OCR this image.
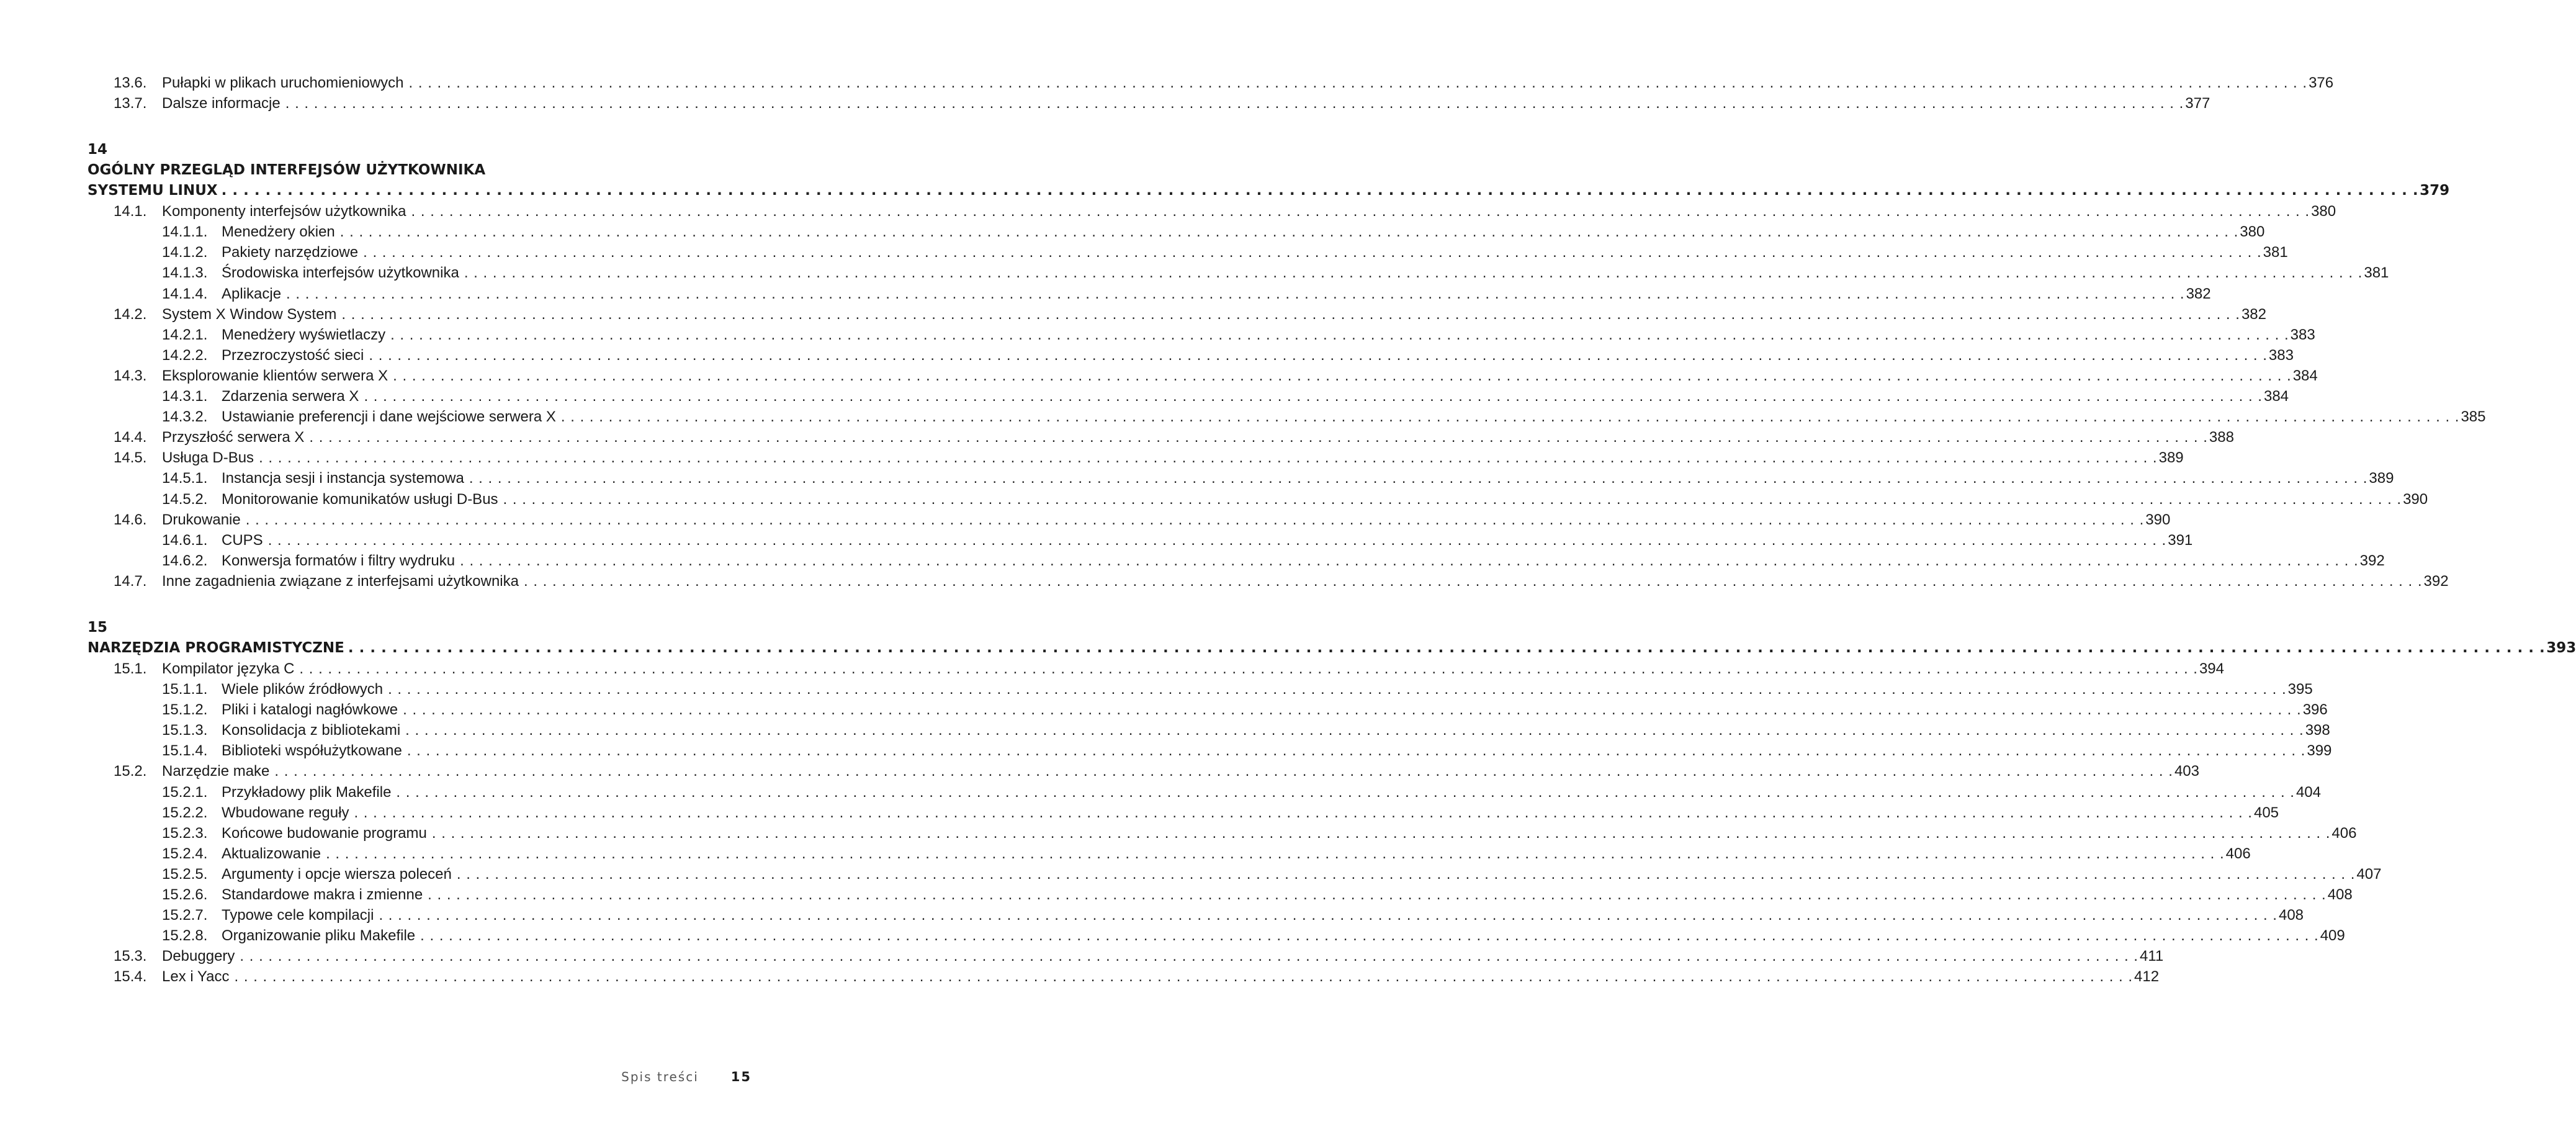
13.6.	Pułapki w plikach uruchomieniowych . . . . . . . . . . . . . . . . . . . . . . . . . . . . . . . . . . . . . . . . . . . . . . . . . . . . . . . . . . . . . . . . . . . . . . . . . . . . . . . . . . . . . . . . . . . . . . . . . . . . . . . . . . . . . . . . . . . . . . . . . . . . . . . . . . . . . . . . . . . . . . . . . . . . . . . . . . . . . . . . . . . . . . . . . . . . . . . . . . . . . . . . . . . . . . . . . . . . . . . . 376
13.7.	Dalsze informacje . . . . . . . . . . . . . . . . . . . . . . . . . . . . . . . . . . . . . . . . . . . . . . . . . . . . . . . . . . . . . . . . . . . . . . . . . . . . . . . . . . . . . . . . . . . . . . . . . . . . . . . . . . . . . . . . . . . . . . . . . . . . . . . . . . . . . . . . . . . . . . . . . . . . . . . . . . . . . . . . . . . . . . . . . . . . . . . . . . . . . . . . . . . . . . . . . . . . . . . . 377
14
OGÓLNY PRZEGLĄD INTERFEJSÓW UŻYTKOWNIKA
SYSTEMU LINUX . . . . . . . . . . . . . . . . . . . . . . . . . . . . . . . . . . . . . . . . . . . . . . . . . . . . . . . . . . . . . . . . . . . . . . . . . . . . . . . . . . . . . . . . . . . . . . . . . . . . . . . . . . . . . . . . . . . . . . . . . . . . . . . . . . . . . . . . . . . . . . . . . . . . . . . . . . . . . . . . . . . . . . . . . . . . . . . . . . . . . . . . . . . . . . . . . . . . . . . . 379
14.1.	Komponenty interfejsów użytkownika . . . . . . . . . . . . . . . . . . . . . . . . . . . . . . . . . . . . . . . . . . . . . . . . . . . . . . . . . . . . . . . . . . . . . . . . . . . . . . . . . . . . . . . . . . . . . . . . . . . . . . . . . . . . . . . . . . . . . . . . . . . . . . . . . . . . . . . . . . . . . . . . . . . . . . . . . . . . . . . . . . . . . . . . . . . . . . . . . . . . . . . . . . . . . . . . . . . . . . . . 380
14.1.1. Menedżery okien . . . . . . . . . . . . . . . . . . . . . . . . . . . . . . . . . . . . . . . . . . . . . . . . . . . . . . . . . . . . . . . . . . . . . . . . . . . . . . . . . . . . . . . . . . . . . . . . . . . . . . . . . . . . . . . . . . . . . . . . . . . . . . . . . . . . . . . . . . . . . . . . . . . . . . . . . . . . . . . . . . . . . . . . . . . . . . . . . . . . . . . . . . . . . . . . . . . . . . . . 380
14.1.2. Pakiety narzędziowe . . . . . . . . . . . . . . . . . . . . . . . . . . . . . . . . . . . . . . . . . . . . . . . . . . . . . . . . . . . . . . . . . . . . . . . . . . . . . . . . . . . . . . . . . . . . . . . . . . . . . . . . . . . . . . . . . . . . . . . . . . . . . . . . . . . . . . . . . . . . . . . . . . . . . . . . . . . . . . . . . . . . . . . . . . . . . . . . . . . . . . . . . . . . . . . . . . . . . . . . 381
14.1.3. Środowiska interfejsów użytkownika . . . . . . . . . . . . . . . . . . . . . . . . . . . . . . . . . . . . . . . . . . . . . . . . . . . . . . . . . . . . . . . . . . . . . . . . . . . . . . . . . . . . . . . . . . . . . . . . . . . . . . . . . . . . . . . . . . . . . . . . . . . . . . . . . . . . . . . . . . . . . . . . . . . . . . . . . . . . . . . . . . . . . . . . . . . . . . . . . . . . . . . . . . . . . . . . . . . . . . . . 381
14.1.4. Aplikacje . . . . . . . . . . . . . . . . . . . . . . . . . . . . . . . . . . . . . . . . . . . . . . . . . . . . . . . . . . . . . . . . . . . . . . . . . . . . . . . . . . . . . . . . . . . . . . . . . . . . . . . . . . . . . . . . . . . . . . . . . . . . . . . . . . . . . . . . . . . . . . . . . . . . . . . . . . . . . . . . . . . . . . . . . . . . . . . . . . . . . . . . . . . . . . . . . . . . . . . . 382
14.2.	System X Window System . . . . . . . . . . . . . . . . . . . . . . . . . . . . . . . . . . . . . . . . . . . . . . . . . . . . . . . . . . . . . . . . . . . . . . . . . . . . . . . . . . . . . . . . . . . . . . . . . . . . . . . . . . . . . . . . . . . . . . . . . . . . . . . . . . . . . . . . . . . . . . . . . . . . . . . . . . . . . . . . . . . . . . . . . . . . . . . . . . . . . . . . . . . . . . . . . . . . . . . . 382
14.2.1. Menedżery wyświetlaczy . . . . . . . . . . . . . . . . . . . . . . . . . . . . . . . . . . . . . . . . . . . . . . . . . . . . . . . . . . . . . . . . . . . . . . . . . . . . . . . . . . . . . . . . . . . . . . . . . . . . . . . . . . . . . . . . . . . . . . . . . . . . . . . . . . . . . . . . . . . . . . . . . . . . . . . . . . . . . . . . . . . . . . . . . . . . . . . . . . . . . . . . . . . . . . . . . . . . . . . . 383
14.2.2. Przezroczystość sieci . . . . . . . . . . . . . . . . . . . . . . . . . . . . . . . . . . . . . . . . . . . . . . . . . . . . . . . . . . . . . . . . . . . . . . . . . . . . . . . . . . . . . . . . . . . . . . . . . . . . . . . . . . . . . . . . . . . . . . . . . . . . . . . . . . . . . . . . . . . . . . . . . . . . . . . . . . . . . . . . . . . . . . . . . . . . . . . . . . . . . . . . . . . . . . . . . . . . . . . . 383
14.3.	Eksplorowanie klientów serwera X . . . . . . . . . . . . . . . . . . . . . . . . . . . . . . . . . . . . . . . . . . . . . . . . . . . . . . . . . . . . . . . . . . . . . . . . . . . . . . . . . . . . . . . . . . . . . . . . . . . . . . . . . . . . . . . . . . . . . . . . . . . . . . . . . . . . . . . . . . . . . . . . . . . . . . . . . . . . . . . . . . . . . . . . . . . . . . . . . . . . . . . . . . . . . . . . . . . . . . . . 384
14.3.1. Zdarzenia serwera X . . . . . . . . . . . . . . . . . . . . . . . . . . . . . . . . . . . . . . . . . . . . . . . . . . . . . . . . . . . . . . . . . . . . . . . . . . . . . . . . . . . . . . . . . . . . . . . . . . . . . . . . . . . . . . . . . . . . . . . . . . . . . . . . . . . . . . . . . . . . . . . . . . . . . . . . . . . . . . . . . . . . . . . . . . . . . . . . . . . . . . . . . . . . . . . . . . . . . . . . 384
14.3.2. Ustawianie preferencji i dane wejściowe serwera X . . . . . . . . . . . . . . . . . . . . . . . . . . . . . . . . . . . . . . . . . . . . . . . . . . . . . . . . . . . . . . . . . . . . . . . . . . . . . . . . . . . . . . . . . . . . . . . . . . . . . . . . . . . . . . . . . . . . . . . . . . . . . . . . . . . . . . . . . . . . . . . . . . . . . . . . . . . . . . . . . . . . . . . . . . . . . . . . . . . . . . . . . . . . . . . . . . . . . . . . 385
14.4.	Przyszłość serwera X . . . . . . . . . . . . . . . . . . . . . . . . . . . . . . . . . . . . . . . . . . . . . . . . . . . . . . . . . . . . . . . . . . . . . . . . . . . . . . . . . . . . . . . . . . . . . . . . . . . . . . . . . . . . . . . . . . . . . . . . . . . . . . . . . . . . . . . . . . . . . . . . . . . . . . . . . . . . . . . . . . . . . . . . . . . . . . . . . . . . . . . . . . . . . . . . . . . . . . . . 388
14.5.	Usługa D-Bus . . . . . . . . . . . . . . . . . . . . . . . . . . . . . . . . . . . . . . . . . . . . . . . . . . . . . . . . . . . . . . . . . . . . . . . . . . . . . . . . . . . . . . . . . . . . . . . . . . . . . . . . . . . . . . . . . . . . . . . . . . . . . . . . . . . . . . . . . . . . . . . . . . . . . . . . . . . . . . . . . . . . . . . . . . . . . . . . . . . . . . . . . . . . . . . . . . . . . . . . 389
14.5.1. Instancja sesji i instancja systemowa . . . . . . . . . . . . . . . . . . . . . . . . . . . . . . . . . . . . . . . . . . . . . . . . . . . . . . . . . . . . . . . . . . . . . . . . . . . . . . . . . . . . . . . . . . . . . . . . . . . . . . . . . . . . . . . . . . . . . . . . . . . . . . . . . . . . . . . . . . . . . . . . . . . . . . . . . . . . . . . . . . . . . . . . . . . . . . . . . . . . . . . . . . . . . . . . . . . . . . . . 389
14.5.2. Monitorowanie komunikatów usługi D-Bus . . . . . . . . . . . . . . . . . . . . . . . . . . . . . . . . . . . . . . . . . . . . . . . . . . . . . . . . . . . . . . . . . . . . . . . . . . . . . . . . . . . . . . . . . . . . . . . . . . . . . . . . . . . . . . . . . . . . . . . . . . . . . . . . . . . . . . . . . . . . . . . . . . . . . . . . . . . . . . . . . . . . . . . . . . . . . . . . . . . . . . . . . . . . . . . . . . . . . . . . 390
14.6.	Drukowanie . . . . . . . . . . . . . . . . . . . . . . . . . . . . . . . . . . . . . . . . . . . . . . . . . . . . . . . . . . . . . . . . . . . . . . . . . . . . . . . . . . . . . . . . . . . . . . . . . . . . . . . . . . . . . . . . . . . . . . . . . . . . . . . . . . . . . . . . . . . . . . . . . . . . . . . . . . . . . . . . . . . . . . . . . . . . . . . . . . . . . . . . . . . . . . . . . . . . . . . . 390
14.6.1. CUPS . . . . . . . . . . . . . . . . . . . . . . . . . . . . . . . . . . . . . . . . . . . . . . . . . . . . . . . . . . . . . . . . . . . . . . . . . . . . . . . . . . . . . . . . . . . . . . . . . . . . . . . . . . . . . . . . . . . . . . . . . . . . . . . . . . . . . . . . . . . . . . . . . . . . . . . . . . . . . . . . . . . . . . . . . . . . . . . . . . . . . . . . . . . . . . . . . . . . . . . . 391
14.6.2. Konwersja formatów i filtry wydruku . . . . . . . . . . . . . . . . . . . . . . . . . . . . . . . . . . . . . . . . . . . . . . . . . . . . . . . . . . . . . . . . . . . . . . . . . . . . . . . . . . . . . . . . . . . . . . . . . . . . . . . . . . . . . . . . . . . . . . . . . . . . . . . . . . . . . . . . . . . . . . . . . . . . . . . . . . . . . . . . . . . . . . . . . . . . . . . . . . . . . . . . . . . . . . . . . . . . . . . . 392
14.7.	Inne zagadnienia związane z interfejsami użytkownika . . . . . . . . . . . . . . . . . . . . . . . . . . . . . . . . . . . . . . . . . . . . . . . . . . . . . . . . . . . . . . . . . . . . . . . . . . . . . . . . . . . . . . . . . . . . . . . . . . . . . . . . . . . . . . . . . . . . . . . . . . . . . . . . . . . . . . . . . . . . . . . . . . . . . . . . . . . . . . . . . . . . . . . . . . . . . . . . . . . . . . . . . . . . . . . . . . . . . . . . 392
15
NARZĘDZIA PROGRAMISTYCZNE . . . . . . . . . . . . . . . . . . . . . . . . . . . . . . . . . . . . . . . . . . . . . . . . . . . . . . . . . . . . . . . . . . . . . . . . . . . . . . . . . . . . . . . . . . . . . . . . . . . . . . . . . . . . . . . . . . . . . . . . . . . . . . . . . . . . . . . . . . . . . . . . . . . . . . . . . . . . . . . . . . . . . . . . . . . . . . . . . . . . . . . . . . . . . . . . . . . . . . . . 393
15.1.	Kompilator języka C . . . . . . . . . . . . . . . . . . . . . . . . . . . . . . . . . . . . . . . . . . . . . . . . . . . . . . . . . . . . . . . . . . . . . . . . . . . . . . . . . . . . . . . . . . . . . . . . . . . . . . . . . . . . . . . . . . . . . . . . . . . . . . . . . . . . . . . . . . . . . . . . . . . . . . . . . . . . . . . . . . . . . . . . . . . . . . . . . . . . . . . . . . . . . . . . . . . . . . . . 394
15.1.1. Wiele plików źródłowych . . . . . . . . . . . . . . . . . . . . . . . . . . . . . . . . . . . . . . . . . . . . . . . . . . . . . . . . . . . . . . . . . . . . . . . . . . . . . . . . . . . . . . . . . . . . . . . . . . . . . . . . . . . . . . . . . . . . . . . . . . . . . . . . . . . . . . . . . . . . . . . . . . . . . . . . . . . . . . . . . . . . . . . . . . . . . . . . . . . . . . . . . . . . . . . . . . . . . . . . 395
15.1.2. Pliki i katalogi nagłówkowe . . . . . . . . . . . . . . . . . . . . . . . . . . . . . . . . . . . . . . . . . . . . . . . . . . . . . . . . . . . . . . . . . . . . . . . . . . . . . . . . . . . . . . . . . . . . . . . . . . . . . . . . . . . . . . . . . . . . . . . . . . . . . . . . . . . . . . . . . . . . . . . . . . . . . . . . . . . . . . . . . . . . . . . . . . . . . . . . . . . . . . . . . . . . . . . . . . . . . . . . 396
15.1.3. Konsolidacja z bibliotekami . . . . . . . . . . . . . . . . . . . . . . . . . . . . . . . . . . . . . . . . . . . . . . . . . . . . . . . . . . . . . . . . . . . . . . . . . . . . . . . . . . . . . . . . . . . . . . . . . . . . . . . . . . . . . . . . . . . . . . . . . . . . . . . . . . . . . . . . . . . . . . . . . . . . . . . . . . . . . . . . . . . . . . . . . . . . . . . . . . . . . . . . . . . . . . . . . . . . . . . . 398
15.1.4. Biblioteki współużytkowane . . . . . . . . . . . . . . . . . . . . . . . . . . . . . . . . . . . . . . . . . . . . . . . . . . . . . . . . . . . . . . . . . . . . . . . . . . . . . . . . . . . . . . . . . . . . . . . . . . . . . . . . . . . . . . . . . . . . . . . . . . . . . . . . . . . . . . . . . . . . . . . . . . . . . . . . . . . . . . . . . . . . . . . . . . . . . . . . . . . . . . . . . . . . . . . . . . . . . . . . 399
15.2.	Narzędzie make . . . . . . . . . . . . . . . . . . . . . . . . . . . . . . . . . . . . . . . . . . . . . . . . . . . . . . . . . . . . . . . . . . . . . . . . . . . . . . . . . . . . . . . . . . . . . . . . . . . . . . . . . . . . . . . . . . . . . . . . . . . . . . . . . . . . . . . . . . . . . . . . . . . . . . . . . . . . . . . . . . . . . . . . . . . . . . . . . . . . . . . . . . . . . . . . . . . . . . . . 403
15.2.1. Przykładowy plik Makefile . . . . . . . . . . . . . . . . . . . . . . . . . . . . . . . . . . . . . . . . . . . . . . . . . . . . . . . . . . . . . . . . . . . . . . . . . . . . . . . . . . . . . . . . . . . . . . . . . . . . . . . . . . . . . . . . . . . . . . . . . . . . . . . . . . . . . . . . . . . . . . . . . . . . . . . . . . . . . . . . . . . . . . . . . . . . . . . . . . . . . . . . . . . . . . . . . . . . . . . . 404
15.2.2. Wbudowane reguły . . . . . . . . . . . . . . . . . . . . . . . . . . . . . . . . . . . . . . . . . . . . . . . . . . . . . . . . . . . . . . . . . . . . . . . . . . . . . . . . . . . . . . . . . . . . . . . . . . . . . . . . . . . . . . . . . . . . . . . . . . . . . . . . . . . . . . . . . . . . . . . . . . . . . . . . . . . . . . . . . . . . . . . . . . . . . . . . . . . . . . . . . . . . . . . . . . . . . . . . 405
15.2.3. Końcowe budowanie programu . . . . . . . . . . . . . . . . . . . . . . . . . . . . . . . . . . . . . . . . . . . . . . . . . . . . . . . . . . . . . . . . . . . . . . . . . . . . . . . . . . . . . . . . . . . . . . . . . . . . . . . . . . . . . . . . . . . . . . . . . . . . . . . . . . . . . . . . . . . . . . . . . . . . . . . . . . . . . . . . . . . . . . . . . . . . . . . . . . . . . . . . . . . . . . . . . . . . . . . . 406
15.2.4. Aktualizowanie . . . . . . . . . . . . . . . . . . . . . . . . . . . . . . . . . . . . . . . . . . . . . . . . . . . . . . . . . . . . . . . . . . . . . . . . . . . . . . . . . . . . . . . . . . . . . . . . . . . . . . . . . . . . . . . . . . . . . . . . . . . . . . . . . . . . . . . . . . . . . . . . . . . . . . . . . . . . . . . . . . . . . . . . . . . . . . . . . . . . . . . . . . . . . . . . . . . . . . . . 406
15.2.5. Argumenty i opcje wiersza poleceń . . . . . . . . . . . . . . . . . . . . . . . . . . . . . . . . . . . . . . . . . . . . . . . . . . . . . . . . . . . . . . . . . . . . . . . . . . . . . . . . . . . . . . . . . . . . . . . . . . . . . . . . . . . . . . . . . . . . . . . . . . . . . . . . . . . . . . . . . . . . . . . . . . . . . . . . . . . . . . . . . . . . . . . . . . . . . . . . . . . . . . . . . . . . . . . . . . . . . . . . 407
15.2.6. Standardowe makra i zmienne . . . . . . . . . . . . . . . . . . . . . . . . . . . . . . . . . . . . . . . . . . . . . . . . . . . . . . . . . . . . . . . . . . . . . . . . . . . . . . . . . . . . . . . . . . . . . . . . . . . . . . . . . . . . . . . . . . . . . . . . . . . . . . . . . . . . . . . . . . . . . . . . . . . . . . . . . . . . . . . . . . . . . . . . . . . . . . . . . . . . . . . . . . . . . . . . . . . . . . . . 408
15.2.7. Typowe cele kompilacji . . . . . . . . . . . . . . . . . . . . . . . . . . . . . . . . . . . . . . . . . . . . . . . . . . . . . . . . . . . . . . . . . . . . . . . . . . . . . . . . . . . . . . . . . . . . . . . . . . . . . . . . . . . . . . . . . . . . . . . . . . . . . . . . . . . . . . . . . . . . . . . . . . . . . . . . . . . . . . . . . . . . . . . . . . . . . . . . . . . . . . . . . . . . . . . . . . . . . . . . 408
15.2.8. Organizowanie pliku Makefile . . . . . . . . . . . . . . . . . . . . . . . . . . . . . . . . . . . . . . . . . . . . . . . . . . . . . . . . . . . . . . . . . . . . . . . . . . . . . . . . . . . . . . . . . . . . . . . . . . . . . . . . . . . . . . . . . . . . . . . . . . . . . . . . . . . . . . . . . . . . . . . . . . . . . . . . . . . . . . . . . . . . . . . . . . . . . . . . . . . . . . . . . . . . . . . . . . . . . . . . 409
15.3.	Debuggery . . . . . . . . . . . . . . . . . . . . . . . . . . . . . . . . . . . . . . . . . . . . . . . . . . . . . . . . . . . . . . . . . . . . . . . . . . . . . . . . . . . . . . . . . . . . . . . . . . . . . . . . . . . . . . . . . . . . . . . . . . . . . . . . . . . . . . . . . . . . . . . . . . . . . . . . . . . . . . . . . . . . . . . . . . . . . . . . . . . . . . . . . . . . . . . . . . . . . . . . 411
15.4.	Lex i Yacc . . . . . . . . . . . . . . . . . . . . . . . . . . . . . . . . . . . . . . . . . . . . . . . . . . . . . . . . . . . . . . . . . . . . . . . . . . . . . . . . . . . . . . . . . . . . . . . . . . . . . . . . . . . . . . . . . . . . . . . . . . . . . . . . . . . . . . . . . . . . . . . . . . . . . . . . . . . . . . . . . . . . . . . . . . . . . . . . . . . . . . . . . . . . . . . . . . . . . . . . 412
Spis treści 15
